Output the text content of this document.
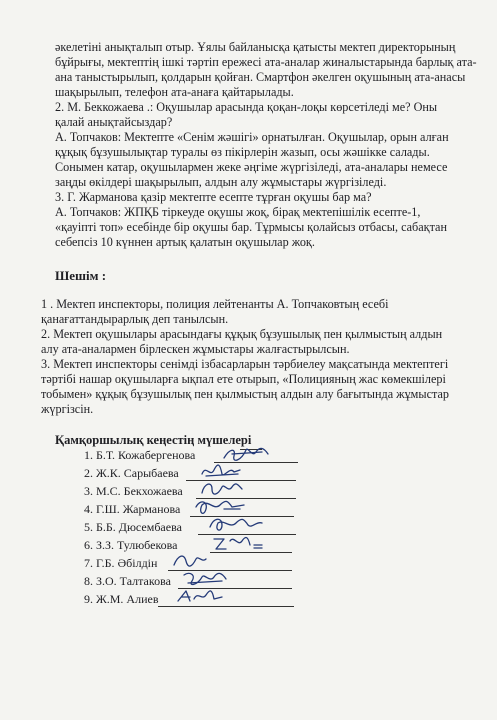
әкелетіні анықталып отыр. Ұялы байланысқа қатысты мектеп директорының
бұйрығы, мектептің ішкі тәртіп ережесі ата-аналар жиналыстарында барлық ата-
ана таныстырылып, қолдарын қойған. Смартфон әкелген оқушының ата-анасы
шақырылып, телефон ата-анаға қайтарылады.
2. М. Беккожаева .: Оқушылар арасында қоқан-лоқы көрсетіледі ме? Оны
қалай анықтайсыздар?
А. Топчаков: Мектепте «Сенім жәшігі» орнатылған. Оқушылар, орын алған
құқық бұзушылықтар туралы өз пікірлерін жазып, осы жәшікке салады.
Сонымен катар, оқушылармен жеке әңгіме жүргізіледі, ата-аналары немесе
заңды өкілдері шақырылып, алдын алу жұмыстары жүргізіледі.
3. Г. Жарманова қазір мектепте есепте тұрған оқушы бар ма?
А. Топчаков: ЖПҚБ тіркеуде оқушы жоқ, бірақ мектепішілік есепте-1,
«қауіпті топ» есебінде бір оқушы бар. Тұрмысы қолайсыз отбасы, сабақтан
себепсіз 10 күннен артық қалатын оқушылар жоқ.
Шешім :
1 . Мектеп инспекторы, полиция лейтенанты А. Топчаковтың есебі
қанағаттандырарлық деп танылсын.
2. Мектеп оқушылары арасындағы құқық бұзушылық пен қылмыстың алдын
алу ата-аналармен бірлескен жұмыстары жалғастырылсын.
3. Мектеп инспекторы сенімді ізбасарларын тәрбиелеу мақсатында мектептегі
тәртібі нашар оқушыларға ықпал ете отырып, «Полицияның жас көмекшілері
тобымен» құқық бұзушылық пен қылмыстың алдын алу бағытында жұмыстар
жүргізсін.
Қамқоршылық кеңестің мүшелері
1. Б.Т. Кожабергенова
2. Ж.К. Сарыбаева
3. М.С. Бекхожаева
4. Г.Ш. Жарманова
5. Б.Б. Дюсембаева
6. З.З. Тулюбекова
7. Г.Б. Әбілдін
8. З.О. Талтакова
9. Ж.М. Алиев
